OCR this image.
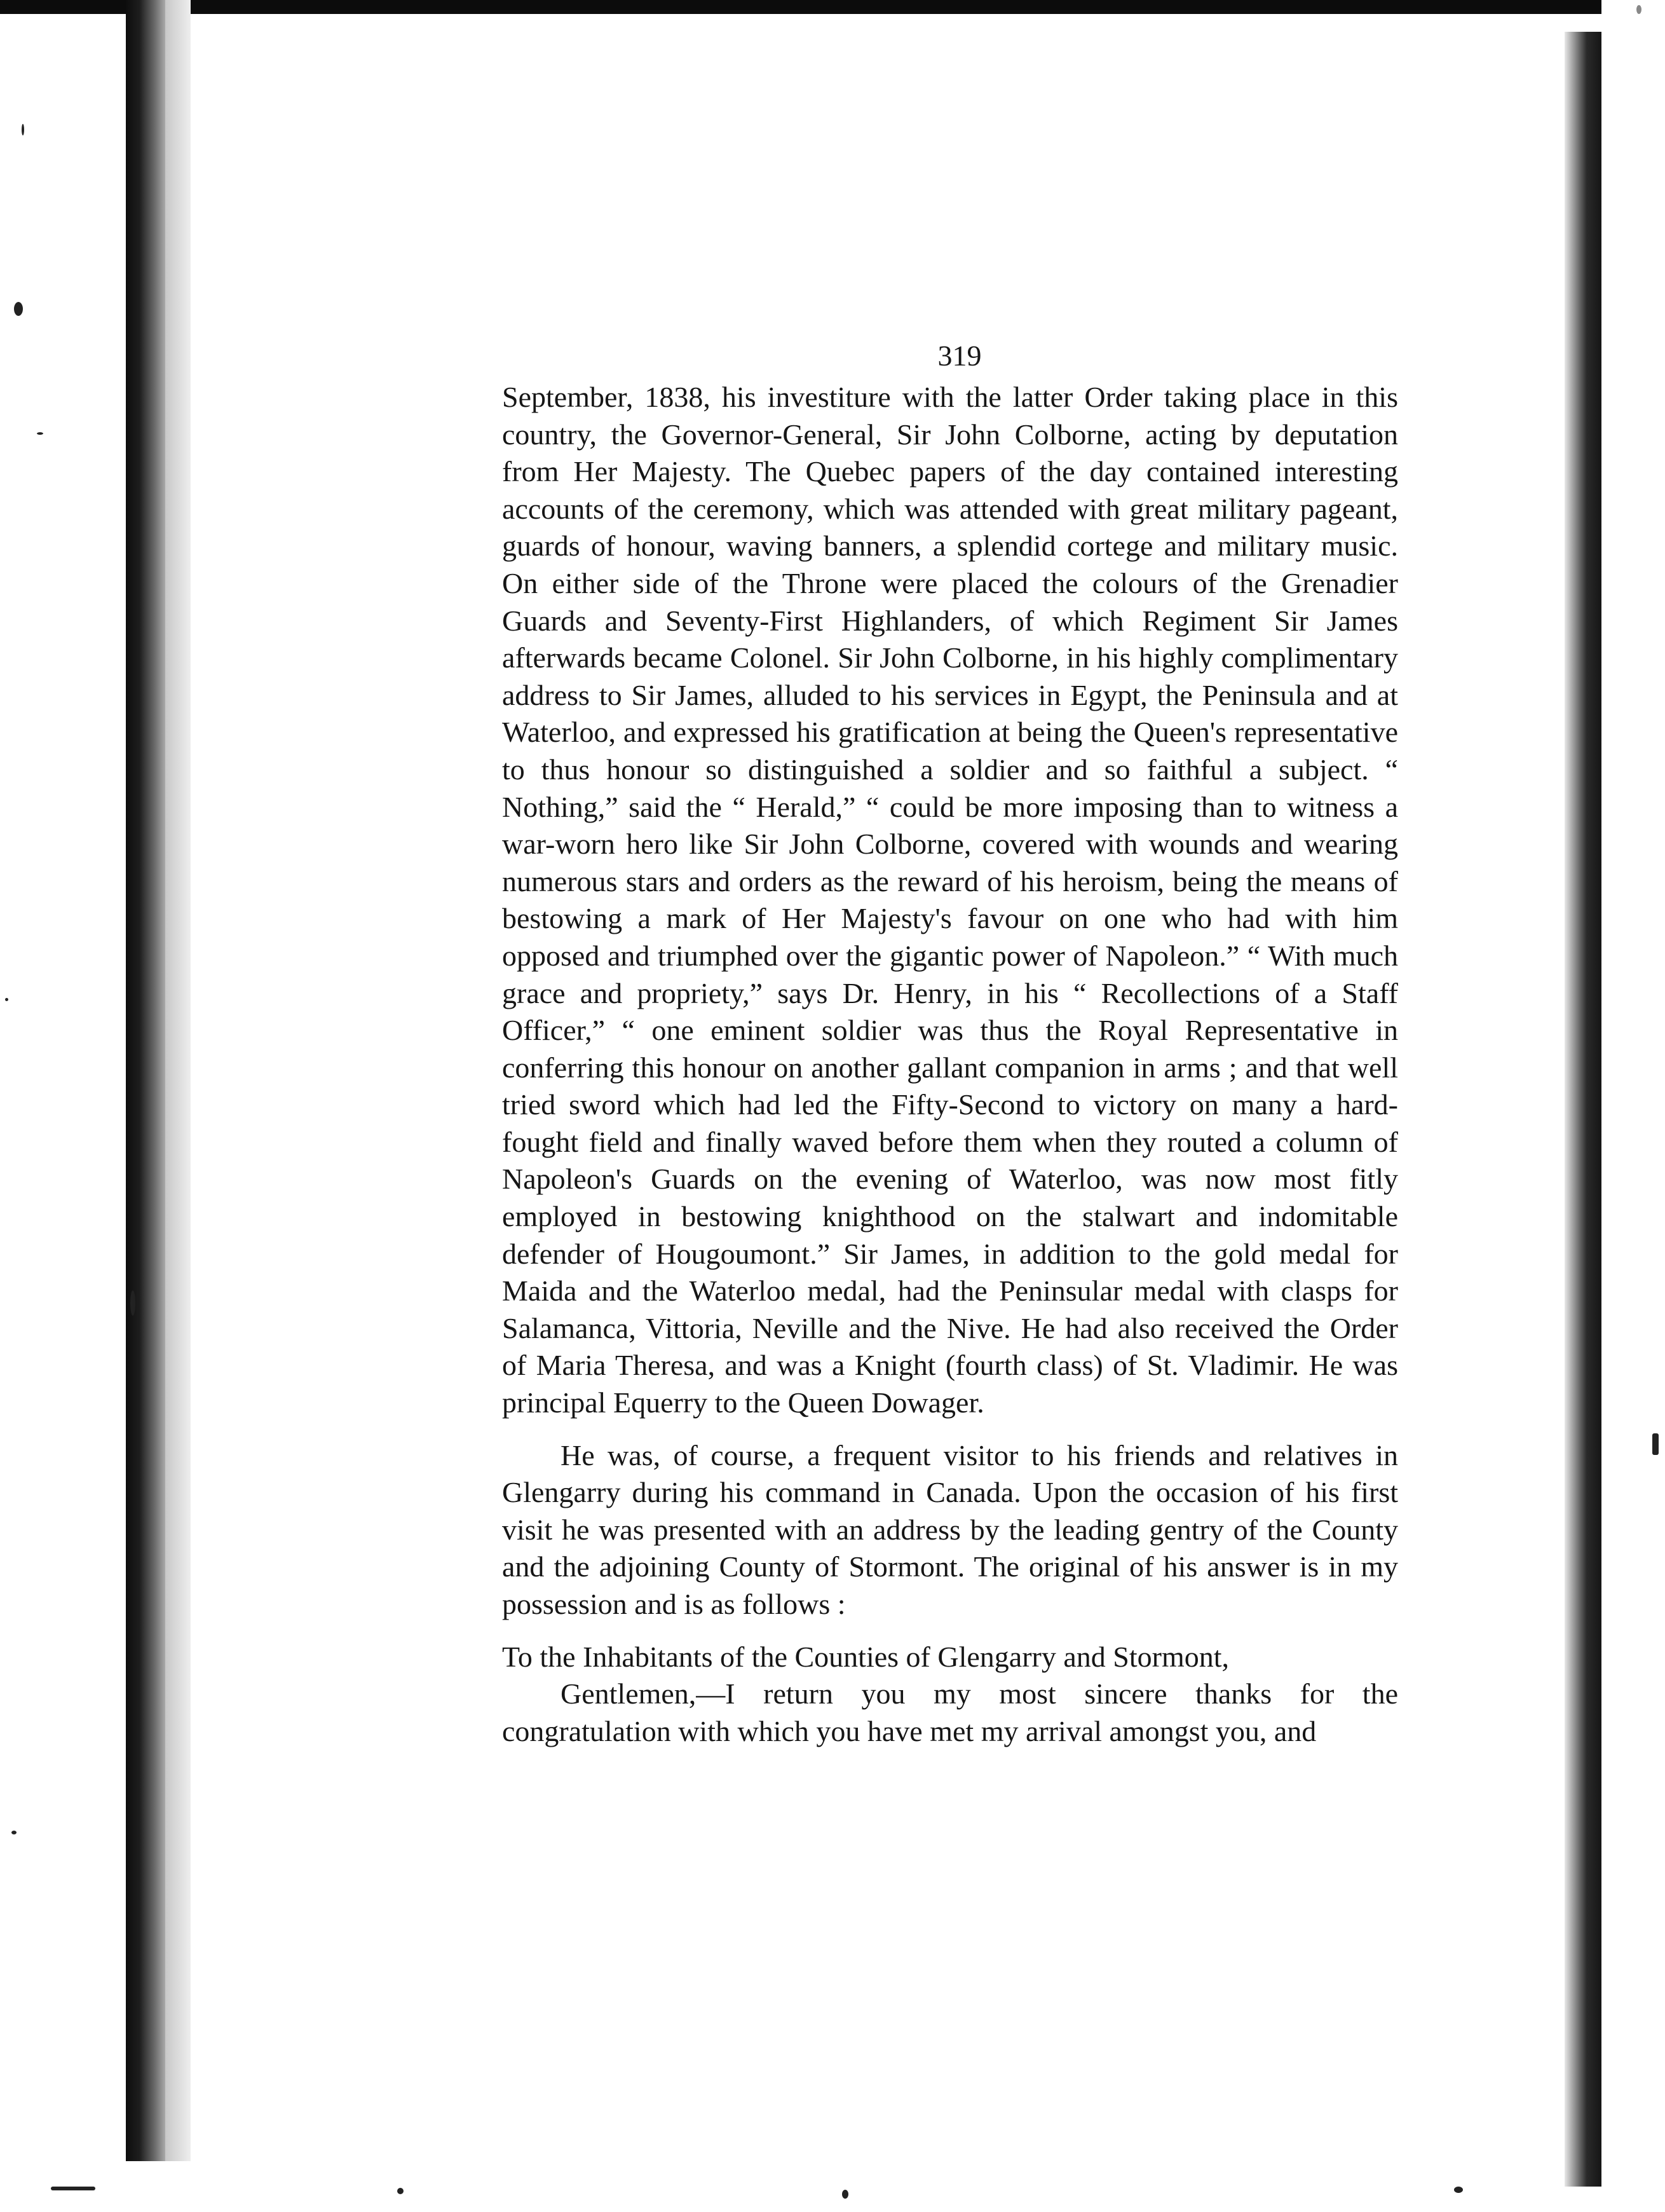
319

September, 1838, his investiture with the latter Order taking place in this country, the Governor-General, Sir John Colborne, acting by deputation from Her Majesty. The Quebec papers of the day contained interesting accounts of the ceremony, which was attended with great military pageant, guards of honour, waving banners, a splendid cortege and military music. On either side of the Throne were placed the colours of the Grenadier Guards and Seventy-First Highlanders, of which Regiment Sir James afterwards became Colonel. Sir John Colborne, in his highly complimentary address to Sir James, alluded to his services in Egypt, the Peninsula and at Waterloo, and expressed his gratification at being the Queen's representative to thus honour so distinguished a soldier and so faithful a subject. “ Nothing,” said the “ Herald,” “ could be more imposing than to witness a war-worn hero like Sir John Colborne, covered with wounds and wearing numerous stars and orders as the reward of his heroism, being the means of bestowing a mark of Her Majesty's favour on one who had with him opposed and triumphed over the gigantic power of Napoleon.” “ With much grace and propriety,” says Dr. Henry, in his “ Recollections of a Staff Officer,” “ one eminent soldier was thus the Royal Representative in conferring this honour on another gallant companion in arms ; and that well tried sword which had led the Fifty-Second to victory on many a hard-fought field and finally waved before them when they routed a column of Napoleon's Guards on the evening of Waterloo, was now most fitly employed in bestowing knighthood on the stalwart and indomitable defender of Hougoumont.” Sir James, in addition to the gold medal for Maida and the Waterloo medal, had the Peninsular medal with clasps for Salamanca, Vittoria, Neville and the Nive. He had also received the Order of Maria Theresa, and was a Knight (fourth class) of St. Vladimir. He was principal Equerry to the Queen Dowager.

He was, of course, a frequent visitor to his friends and relatives in Glengarry during his command in Canada. Upon the occasion of his first visit he was presented with an address by the leading gentry of the County and the adjoining County of Stormont. The original of his answer is in my possession and is as follows :

To the Inhabitants of the Counties of Glengarry and Stormont,

Gentlemen,—I return you my most sincere thanks for the congratulation with which you have met my arrival amongst you, and
